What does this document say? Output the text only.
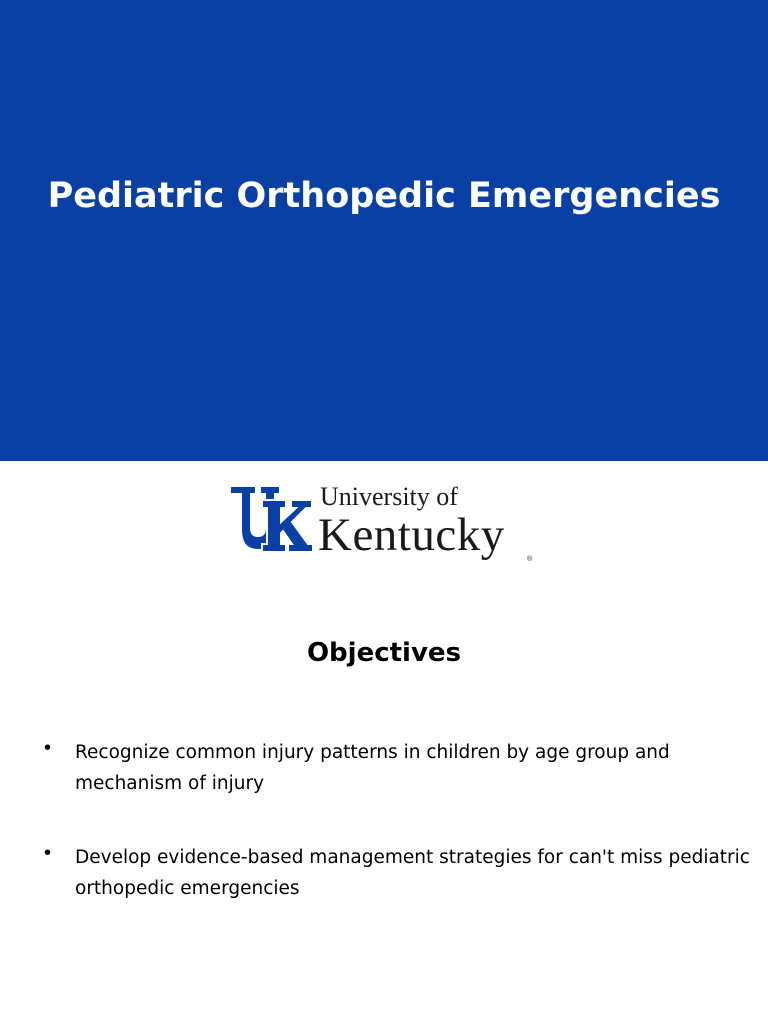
Pediatric Orthopedic Emergencies
University of
Kentucky	®
Objectives
• Recognize common injury patterns in children by age group and mechanism of injury
• Develop evidence-based management strategies for can't miss pediatric orthopedic emergencies
